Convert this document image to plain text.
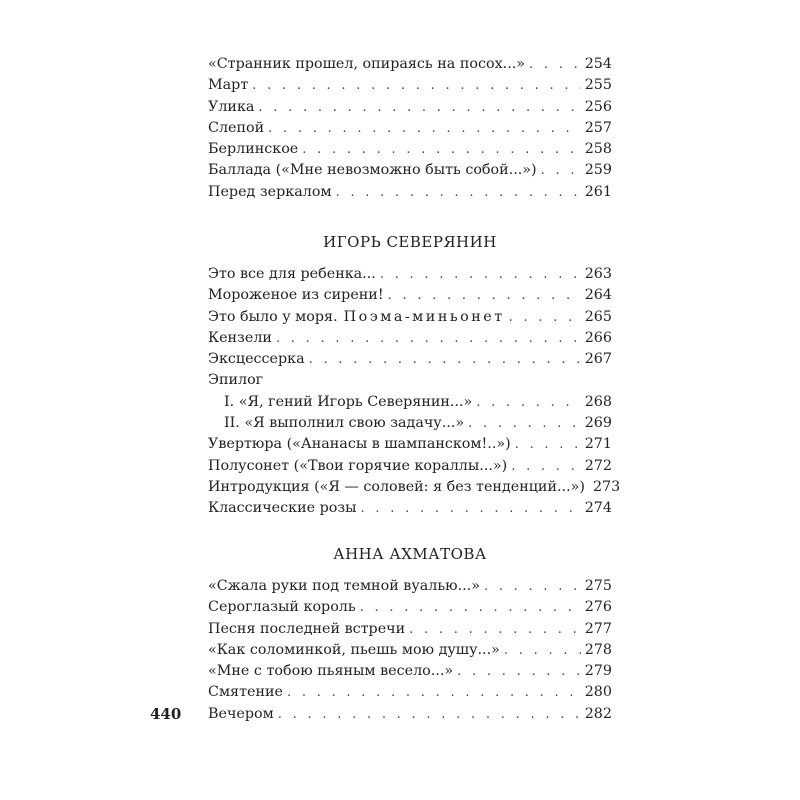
«Странник прошел, опираясь на посох...» . . .	254
Март . . .	255
Улика . . .	256
Слепой . . .	257
Берлинское . . .	258
Баллада («Мне невозможно быть собой...») . . .	259
Перед зеркалом . . .	261
ИГОРЬ СЕВЕРЯНИН
Это все для ребенка... . . .	263
Мороженое из сирени! . . .	264
Это было у моря. Поэма-миньонет . . .	265
Кензели . . .	266
Эксцессерка . . .	267
Эпилог
I. «Я, гений Игорь Северянин...» . . .	268
II. «Я выполнил свою задачу...» . . .	269
Увертюра («Ананасы в шампанском!..») . . .	271
Полусонет («Твои горячие кораллы...») . . .	272
Интродукция («Я — соловей: я без тенденций...») 273
Классические розы . . .	274
АННА АХМАТОВА
«Сжала руки под темной вуалью...» . . .	275
Сероглазый король . . .	276
Песня последней встречи . . .	277
«Как соломинкой, пьешь мою душу...» . . .	278
«Мне с тобою пьяным весело...» . . .	279
Смятение . . .	280
Вечером . . .	282
440
